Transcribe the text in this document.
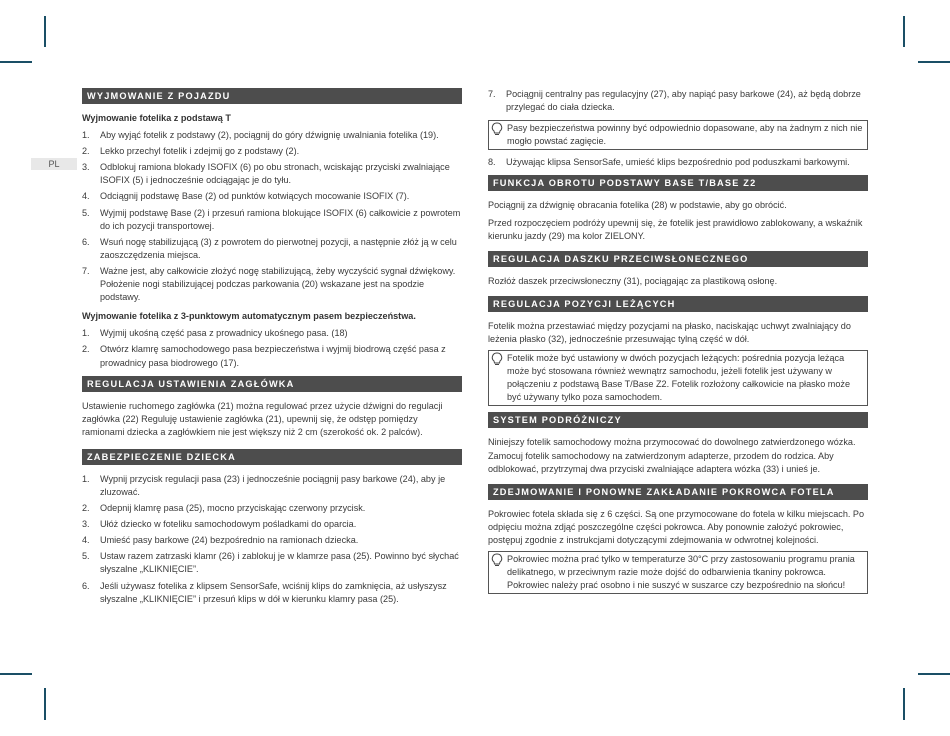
PL
WYJMOWANIE Z POJAZDU
Wyjmowanie fotelika z podstawą T
1. Aby wyjąć fotelik z podstawy (2), pociągnij do góry dźwignię uwalniania fotelika (19).
2. Lekko przechyl fotelik i zdejmij go z podstawy (2).
3. Odblokuj ramiona blokady ISOFIX (6) po obu stronach, wciskając przyciski zwalniające ISOFIX (5) i jednocześnie odciągając je do tyłu.
4. Odciągnij podstawę Base (2) od punktów kotwiących mocowanie ISOFIX (7).
5. Wyjmij podstawę Base (2) i przesuń ramiona blokujące ISOFIX (6) całkowicie z powrotem do ich pozycji transportowej.
6. Wsuń nogę stabilizującą (3) z powrotem do pierwotnej pozycji, a następnie złóż ją w celu zaoszczędzenia miejsca.
7. Ważne jest, aby całkowicie złożyć nogę stabilizującą, żeby wyczyścić sygnał dźwiękowy. Położenie nogi stabilizującej podczas parkowania (20) wskazane jest na spodzie podstawy.
Wyjmowanie fotelika z 3-punktowym automatycznym pasem bezpieczeństwa.
1. Wyjmij ukośną część pasa z prowadnicy ukośnego pasa. (18)
2. Otwórz klamrę samochodowego pasa bezpieczeństwa i wyjmij biodrową część pasa z prowadnicy pasa biodrowego (17).
REGULACJA USTAWIENIA ZAGŁÓWKA
Ustawienie ruchomego zagłówka (21) można regulować przez użycie dźwigni do regulacji zagłówka (22) Reguluję ustawienie zagłówka (21), upewnij się, że odstęp pomiędzy ramionami dziecka a zagłówkiem nie jest większy niż 2 cm (szerokość ok. 2 palców).
ZABEZPIECZENIE DZIECKA
1. Wypnij przycisk regulacji pasa (23) i jednocześnie pociągnij pasy barkowe (24), aby je zluzować.
2. Odepnij klamrę pasa (25), mocno przyciskając czerwony przycisk.
3. Ułóż dziecko w foteliku samochodowym pośladkami do oparcia.
4. Umieść pasy barkowe (24) bezpośrednio na ramionach dziecka.
5. Ustaw razem zatrzaski klamr (26) i zablokuj je w klamrze pasa (25). Powinno być słychać słyszalne „KLIKNIĘCIE”.
6. Jeśli używasz fotelika z klipsem SensorSafe, wciśnij klips do zamknięcia, aż usłyszysz słyszalne „KLIKNIĘCIE” i przesuń klips w dół w kierunku klamry pasa (25).
7. Pociągnij centralny pas regulacyjny (27), aby napiąć pasy barkowe (24), aż będą dobrze przylegać do ciała dziecka.
Pasy bezpieczeństwa powinny być odpowiednio dopasowane, aby na żadnym z nich nie mogło powstać zagięcie.
8. Używając klipsa SensorSafe, umieść klips bezpośrednio pod poduszkami barkowymi.
FUNKCJA OBROTU PODSTAWY BASE T/BASE Z2
Pociągnij za dźwignię obracania fotelika (28) w podstawie, aby go obrócić.
Przed rozpoczęciem podróży upewnij się, że fotelik jest prawidłowo zablokowany, a wskaźnik kierunku jazdy (29) ma kolor ZIELONY.
REGULACJA DASZKU PRZECIWSŁONECZNEGO
Rozłóż daszek przeciwsłoneczny (31), pociągając za plastikową osłonę.
REGULACJA POZYCJI LEŻĄCYCH
Fotelik można przestawiać między pozycjami na płasko, naciskając uchwyt zwalniający do leżenia płasko (32), jednocześnie przesuwając tylną część w dół.
Fotelik może być ustawiony w dwóch pozycjach leżących: pośrednia pozycja leżąca może być stosowana również wewnątrz samochodu, jeżeli fotelik jest używany w połączeniu z podstawą Base T/Base Z2. Fotelik rozłożony całkowicie na płasko może być używany tylko poza samochodem.
SYSTEM PODRÓŻNICZY
Niniejszy fotelik samochodowy można przymocować do dowolnego zatwierdzonego wózka. Zamocuj fotelik samochodowy na zatwierdzonym adapterze, przodem do rodzica. Aby odblokować, przytrzymaj dwa przyciski zwalniające adaptera wózka (33) i unieś je.
ZDEJMOWANIE I PONOWNE ZAKŁADANIE POKROWCA FOTELA
Pokrowiec fotela składa się z 6 części. Są one przymocowane do fotela w kilku miejscach. Po odpięciu można zdjąć poszczególne części pokrowca. Aby ponownie założyć pokrowiec, postępuj zgodnie z instrukcjami dotyczącymi zdejmowania w odwrotnej kolejności.
Pokrowiec można prać tylko w temperaturze 30°C przy zastosowaniu programu prania delikatnego, w przeciwnym razie może dojść do odbarwienia tkaniny pokrowca. Pokrowiec należy prać osobno i nie suszyć w suszarce czy bezpośrednio na słońcu!
